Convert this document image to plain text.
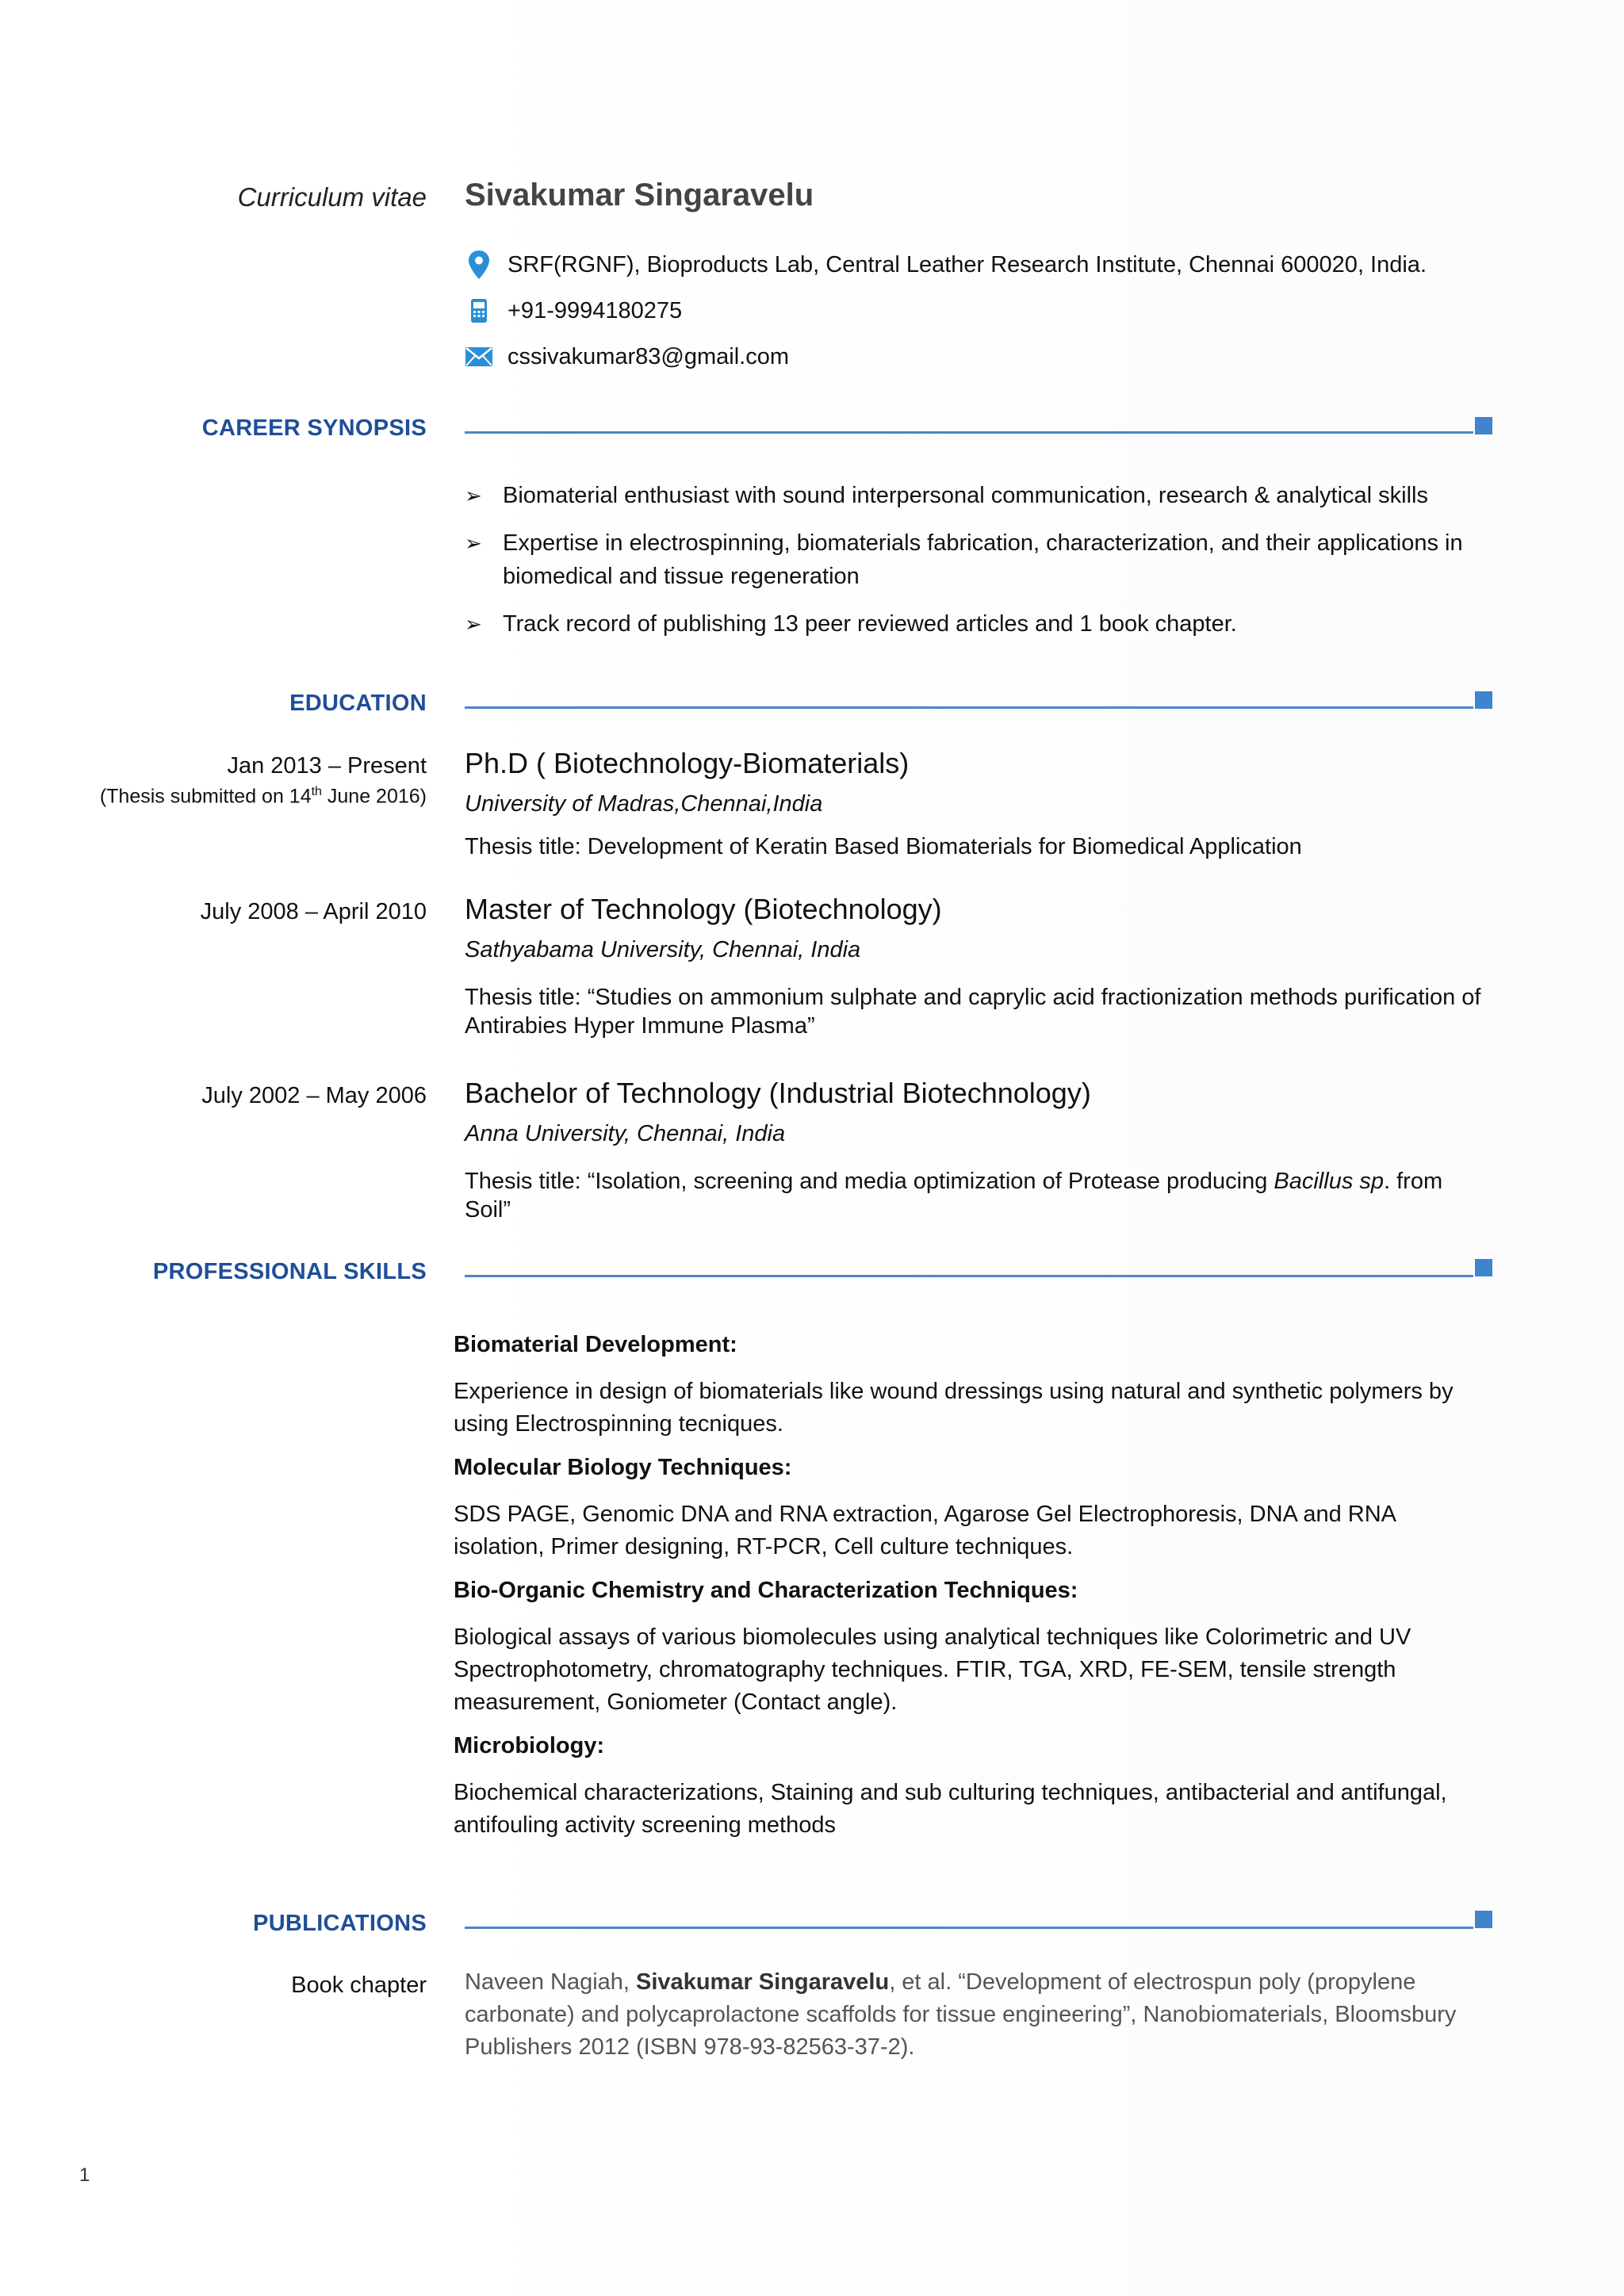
Curriculum vitae Sivakumar Singaravelu
SRF(RGNF), Bioproducts Lab, Central Leather Research Institute, Chennai 600020, India.
+91-9994180275
cssivakumar83@gmail.com
CAREER SYNOPSIS
➢ Biomaterial enthusiast with sound interpersonal communication, research & analytical skills
➢ Expertise in electrospinning, biomaterials fabrication, characterization, and their applications in biomedical and tissue regeneration
➢ Track record of publishing 13 peer reviewed articles and 1 book chapter.
EDUCATION
Jan 2013 – Present
(Thesis submitted on 14th June 2016)
Ph.D ( Biotechnology-Biomaterials)
University of Madras,Chennai,India
Thesis title: Development of Keratin Based Biomaterials for Biomedical Application
July 2008 – April 2010 Master of Technology (Biotechnology)
Sathyabama University, Chennai, India
Thesis title: “Studies on ammonium sulphate and caprylic acid fractionization methods purification of Antirabies Hyper Immune Plasma”
July 2002 – May 2006 Bachelor of Technology (Industrial Biotechnology)
Anna University, Chennai, India
Thesis title: “Isolation, screening and media optimization of Protease producing Bacillus sp. from Soil”
PROFESSIONAL SKILLS
Biomaterial Development:
Experience in design of biomaterials like wound dressings using natural and synthetic polymers by using Electrospinning tecniques.
Molecular Biology Techniques:
SDS PAGE, Genomic DNA and RNA extraction, Agarose Gel Electrophoresis, DNA and RNA isolation, Primer designing, RT-PCR, Cell culture techniques.
Bio-Organic Chemistry and Characterization Techniques:
Biological assays of various biomolecules using analytical techniques like Colorimetric and UV Spectrophotometry, chromatography techniques. FTIR, TGA, XRD, FE-SEM, tensile strength measurement, Goniometer (Contact angle).
Microbiology:
Biochemical characterizations, Staining and sub culturing techniques, antibacterial and antifungal, antifouling activity screening methods
PUBLICATIONS
Book chapter Naveen Nagiah, Sivakumar Singaravelu, et al. “Development of electrospun poly (propylene carbonate) and polycaprolactone scaffolds for tissue engineering”, Nanobiomaterials, Bloomsbury Publishers 2012 (ISBN 978-93-82563-37-2).
1
